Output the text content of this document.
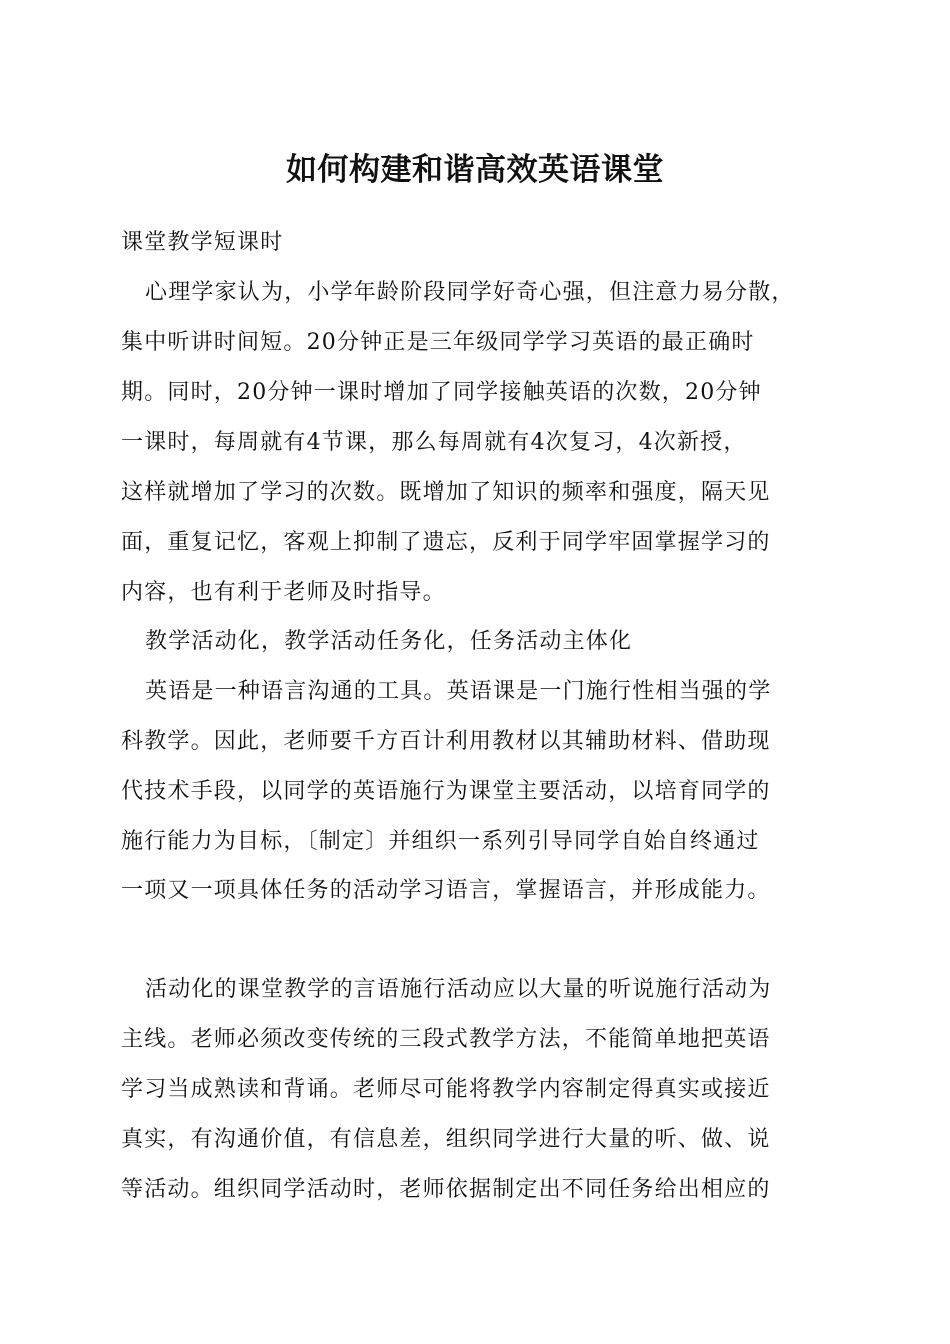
如何构建和谐高效英语课堂
课堂教学短课时
心理学家认为，小学年龄阶段同学好奇心强，但注意力易分散，
集中听讲时间短。20分钟正是三年级同学学习英语的最正确时
期。同时，20分钟一课时增加了同学接触英语的次数，20分钟
一课时，每周就有4节课，那么每周就有4次复习，4次新授，
这样就增加了学习的次数。既增加了知识的频率和强度，隔天见
面，重复记忆，客观上抑制了遗忘，反利于同学牢固掌握学习的
内容，也有利于老师及时指导。
教学活动化，教学活动任务化，任务活动主体化
英语是一种语言沟通的工具。英语课是一门施行性相当强的学
科教学。因此，老师要千方百计利用教材以其辅助材料、借助现
代技术手段，以同学的英语施行为课堂主要活动，以培育同学的
施行能力为目标，〔制定〕并组织一系列引导同学自始自终通过
一项又一项具体任务的活动学习语言，掌握语言，并形成能力。
活动化的课堂教学的言语施行活动应以大量的听说施行活动为
主线。老师必须改变传统的三段式教学方法，不能简单地把英语
学习当成熟读和背诵。老师尽可能将教学内容制定得真实或接近
真实，有沟通价值，有信息差，组织同学进行大量的听、做、说
等活动。组织同学活动时，老师依据制定出不同任务给出相应的
